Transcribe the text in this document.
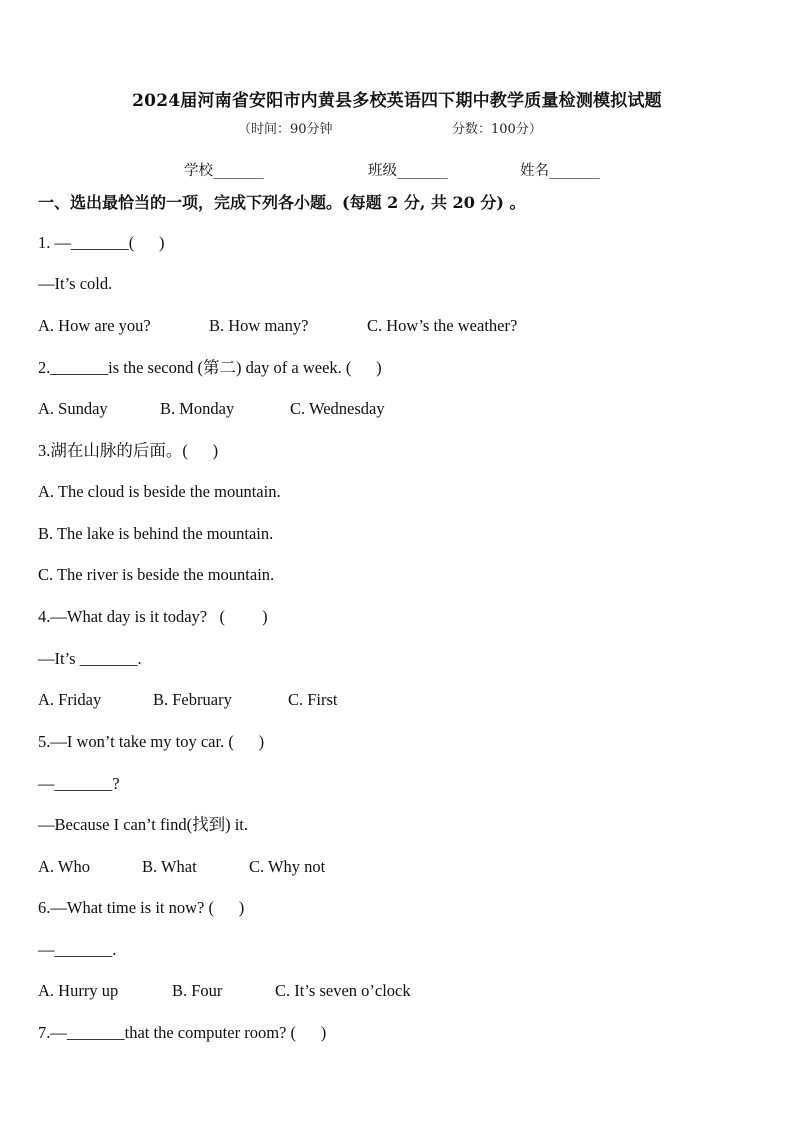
2024届河南省安阳市内黄县多校英语四下期中教学质量检测模拟试题
（时间：90分钟	分数：100分）
学校_______	班级_______	姓名_______
一、选出最恰当的一项，完成下列各小题。(每题 2 分, 共 20 分) 。
1. —_______(      )
—It’s cold.
A. How are you?	B. How many?	C. How’s the weather?
2._______is the second (第二) day of a week. (      )
A. Sunday	B. Monday	C. Wednesday
3.湖在山脉的后面。(      )
A. The cloud is beside the mountain.
B. The lake is behind the mountain.
C. The river is beside the mountain.
4.—What day is it today?   (         )
—It’s _______.
A. Friday	B. February	C. First
5.—I won’t take my toy car. (      )
—_______?
—Because I can’t find(找到) it.
A. Who	B. What	C. Why not
6.—What time is it now? (      )
—_______.
A. Hurry up	B. Four	C. It’s seven o’clock
7.—_______that the computer room? (      )
